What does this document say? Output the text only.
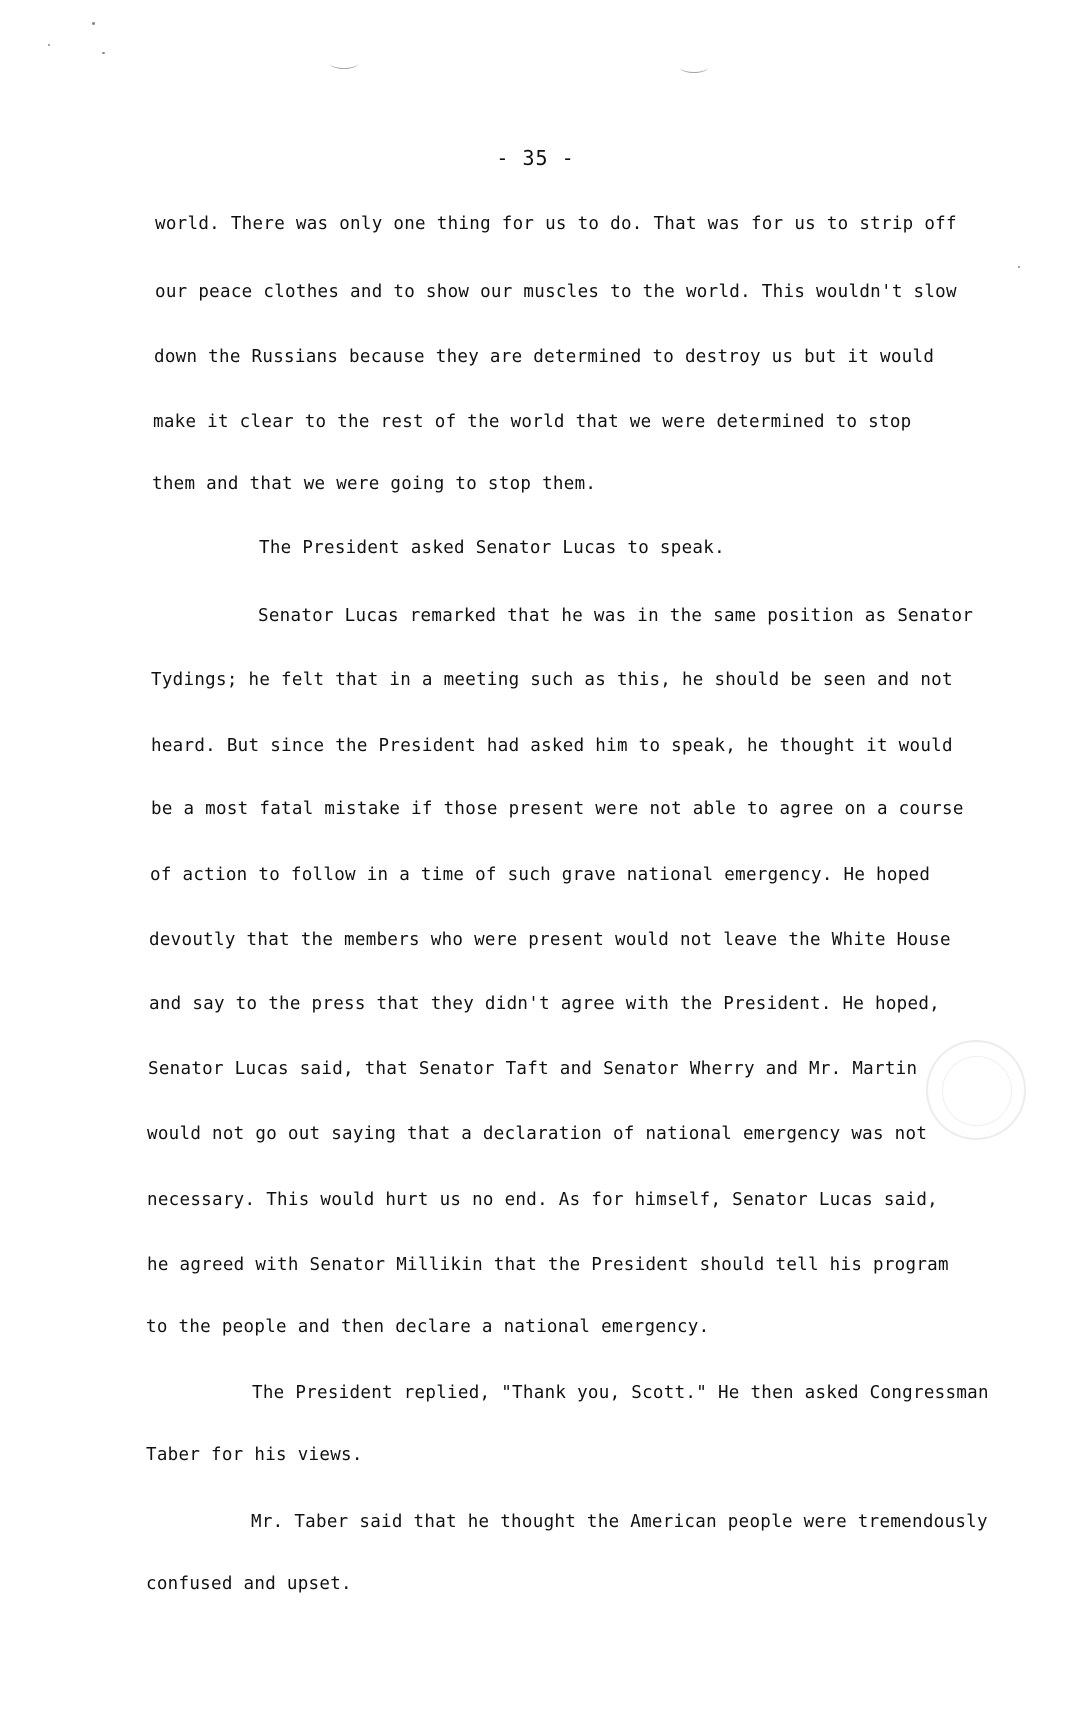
- 35 -
world. There was only one thing for us to do. That was for us to strip off
our peace clothes and to show our muscles to the world. This wouldn't slow
down the Russians because they are determined to destroy us but it would
make it clear to the rest of the world that we were determined to stop
them and that we were going to stop them.
The President asked Senator Lucas to speak.
Senator Lucas remarked that he was in the same position as Senator
Tydings; he felt that in a meeting such as this, he should be seen and not
heard. But since the President had asked him to speak, he thought it would
be a most fatal mistake if those present were not able to agree on a course
of action to follow in a time of such grave national emergency. He hoped
devoutly that the members who were present would not leave the White House
and say to the press that they didn't agree with the President. He hoped,
Senator Lucas said, that Senator Taft and Senator Wherry and Mr. Martin
would not go out saying that a declaration of national emergency was not
necessary. This would hurt us no end. As for himself, Senator Lucas said,
he agreed with Senator Millikin that the President should tell his program
to the people and then declare a national emergency.
The President replied, "Thank you, Scott." He then asked Congressman
Taber for his views.
Mr. Taber said that he thought the American people were tremendously
confused and upset.
